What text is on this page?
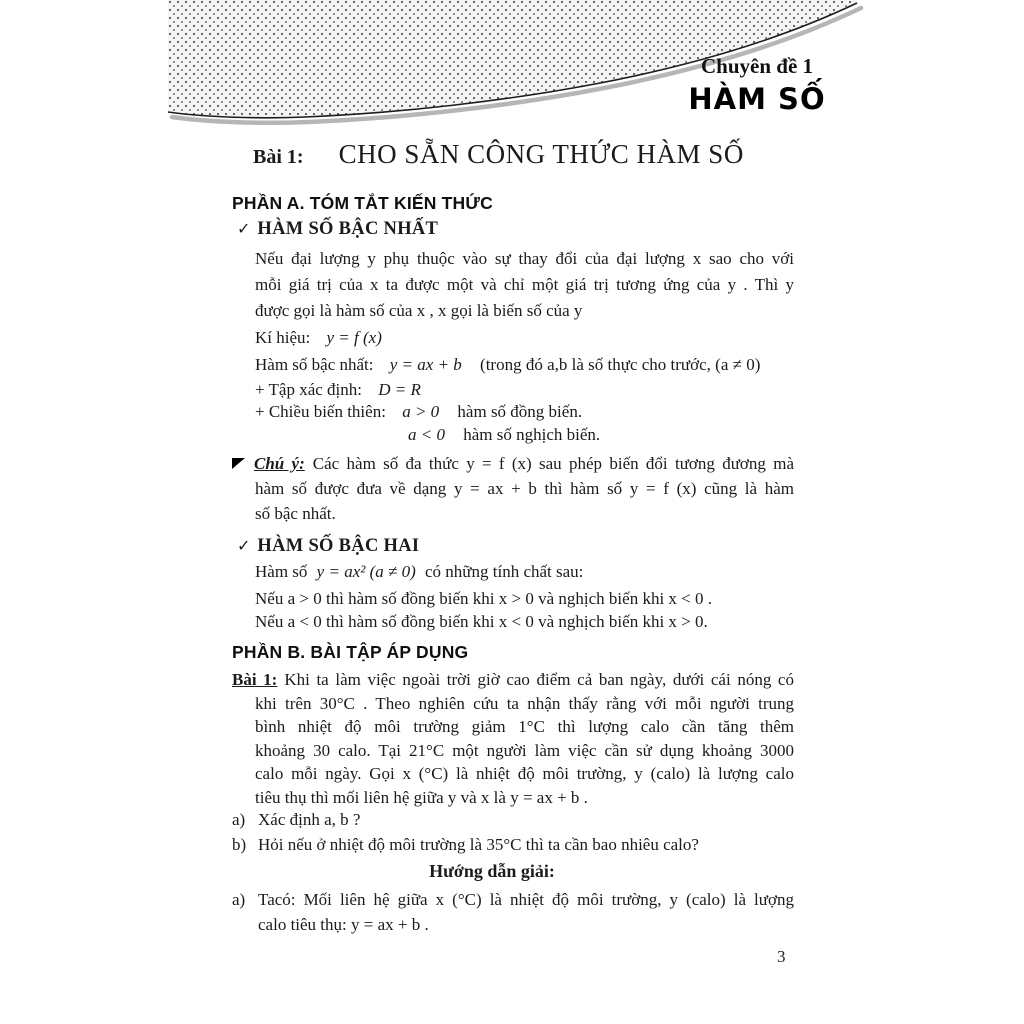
Chuyên đề 1
HÀM SỐ
Bài 1: CHO SẴN CÔNG THỨC HÀM SỐ
PHẦN A. TÓM TẮT KIẾN THỨC
✓ HÀM SỐ BẬC NHẤT
Nếu đại lượng y phụ thuộc vào sự thay đổi của đại lượng x sao cho với
mỗi giá trị của x ta được một và chỉ một giá trị tương ứng của y . Thì y
được gọi là hàm số của x , x gọi là biến số của y
Kí hiệu: y = f (x)
Hàm số bậc nhất: y = ax + b (trong đó a,b là số thực cho trước, (a ≠ 0)
+ Tập xác định: D = R
+ Chiều biến thiên: a > 0 hàm số đồng biến.
a < 0 hàm số nghịch biến.
Chú ý: Các hàm số đa thức y = f (x) sau phép biến đổi tương đương mà
hàm số được đưa về dạng y = ax + b thì hàm số y = f (x) cũng là hàm
số bậc nhất.
✓ HÀM SỐ BẬC HAI
Hàm số y = ax² (a ≠ 0) có những tính chất sau:
Nếu a > 0 thì hàm số đồng biến khi x > 0 và nghịch biến khi x < 0 .
Nếu a < 0 thì hàm số đồng biến khi x < 0 và nghịch biến khi x > 0.
PHẦN B. BÀI TẬP ÁP DỤNG
Bài 1: Khi ta làm việc ngoài trời giờ cao điểm cả ban ngày, dưới cái nóng có
khi trên 30°C . Theo nghiên cứu ta nhận thấy rằng với mỗi người trung
bình nhiệt độ môi trường giảm 1°C thì lượng calo cần tăng thêm
khoảng 30 calo. Tại 21°C một người làm việc cần sử dụng khoảng 3000
calo mỗi ngày. Gọi x (°C) là nhiệt độ môi trường, y (calo) là lượng calo
tiêu thụ thì mối liên hệ giữa y và x là y = ax + b .
a) Xác định a, b ?
b) Hỏi nếu ở nhiệt độ môi trường là 35°C thì ta cần bao nhiêu calo?
Hướng dẫn giải:
a) Tacó: Mối liên hệ giữa x (°C) là nhiệt độ môi trường, y (calo) là lượng
calo tiêu thụ: y = ax + b .
3
